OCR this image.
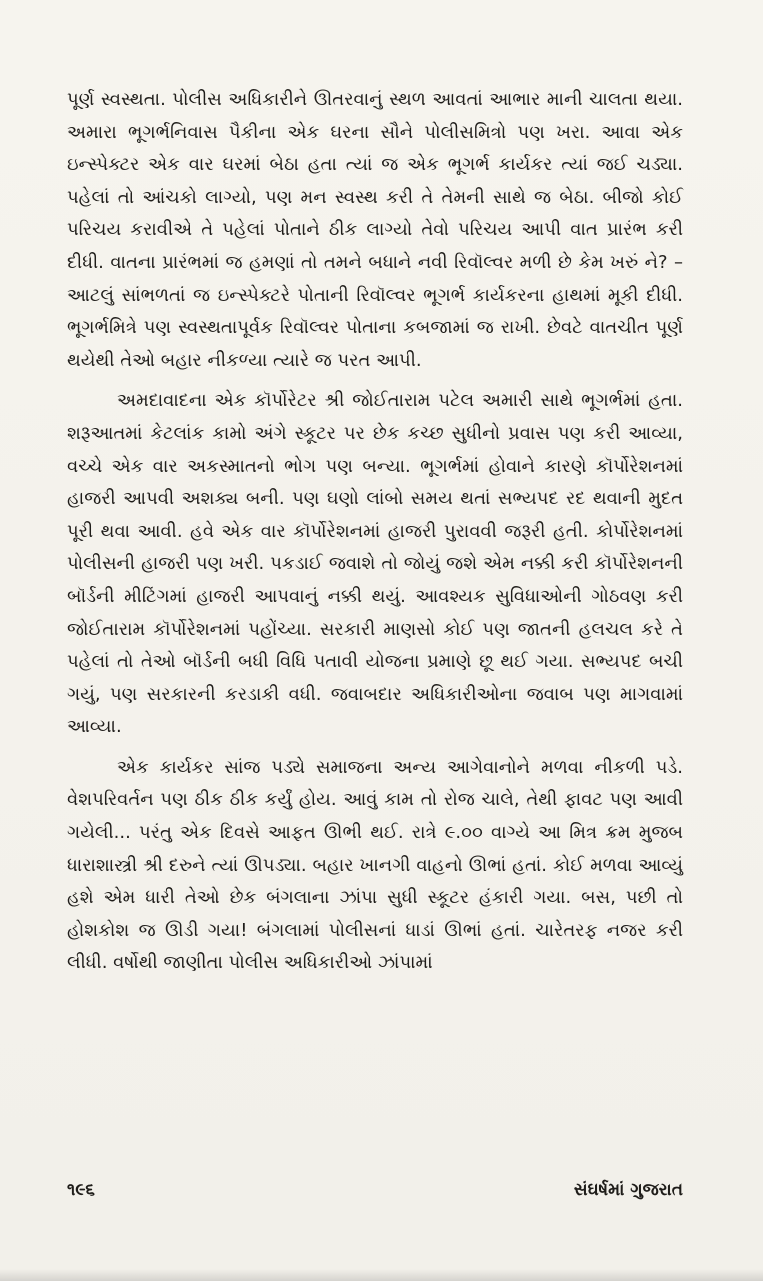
પૂર્ણ સ્વસ્થતા. પોલીસ અધિકારીને ઊતરવાનું સ્થળ આવતાં આભાર માની ચાલતા થયા. અમારા ભૂગર્ભનિવાસ પૈકીના એક ઘરના સૌને પોલીસમિત્રો પણ ખરા. આવા એક ઇન્સ્પેક્ટર એક વાર ઘરમાં બેઠા હતા ત્યાં જ એક ભૂગર્ભ કાર્યકર ત્યાં જઈ ચડ્યા. પહેલાં તો આંચકો લાગ્યો, પણ મન સ્વસ્થ કરી તે તેમની સાથે જ બેઠા. બીજો કોઈ પરિચય કરાવીએ તે પહેલાં પોતાને ઠીક લાગ્યો તેવો પરિચય આપી વાત પ્રારંભ કરી દીધી. વાતના પ્રારંભમાં જ હમણાં તો તમને બધાને નવી રિવૉલ્વર મળી છે કેમ ખરું ને? – આટલું સાંભળતાં જ ઇન્સ્પેક્ટરે પોતાની રિવૉલ્વર ભૂગર્ભ કાર્યકરના હાથમાં મૂકી દીધી. ભૂગર્ભમિત્રે પણ સ્વસ્થતાપૂર્વક રિવૉલ્વર પોતાના કબજામાં જ રાખી. છેવટે વાતચીત પૂર્ણ થયેથી તેઓ બહાર નીકળ્યા ત્યારે જ પરત આપી.

અમદાવાદના એક કૉર્પોરેટર શ્રી જોઈતારામ પટેલ અમારી સાથે ભૂગર્ભમાં હતા. શરૂઆતમાં કેટલાંક કામો અંગે સ્કૂટર પર છેક કચ્છ સુધીનો પ્રવાસ પણ કરી આવ્યા, વચ્ચે એક વાર અકસ્માતનો ભોગ પણ બન્યા. ભૂગર્ભમાં હોવાને કારણે કૉર્પોરેશનમાં હાજરી આપવી અશક્ય બની. પણ ઘણો લાંબો સમય થતાં સભ્યપદ રદ થવાની મુદત પૂરી થવા આવી. હવે એક વાર કૉર્પોરેશનમાં હાજરી પુરાવવી જરૂરી હતી. કોર્પોરેશનમાં પોલીસની હાજરી પણ ખરી. પકડાઈ જવાશે તો જોયું જશે એમ નક્કી કરી કૉર્પોરેશનની બૉર્ડની મીટિંગમાં હાજરી આપવાનું નક્કી થયું. આવશ્યક સુવિધાઓની ગોઠવણ કરી જોઈતારામ કૉર્પોરેશનમાં પહોંચ્યા. સરકારી માણસો કોઈ પણ જાતની હલચલ કરે તે પહેલાં તો તેઓ બૉર્ડની બધી વિધિ પતાવી યોજના પ્રમાણે છૂ થઈ ગયા. સભ્યપદ બચી ગયું, પણ સરકારની કરડાકી વધી. જવાબદાર અધિકારીઓના જવાબ પણ માગવામાં આવ્યા.

એક કાર્યકર સાંજ પડ્યે સમાજના અન્ય આગેવાનોને મળવા નીકળી પડે. વેશપરિવર્તન પણ ઠીક ઠીક કર્યું હોય. આવું કામ તો રોજ ચાલે, તેથી ફાવટ પણ આવી ગયેલી... પરંતુ એક દિવસે આફત ઊભી થઈ. રાત્રે ૯.૦૦ વાગ્યે આ મિત્ર ક્રમ મુજબ ધારાશાસ્ત્રી શ્રી દરુને ત્યાં ઊપડ્યા. બહાર ખાનગી વાહનો ઊભાં હતાં. કોઈ મળવા આવ્યું હશે એમ ધારી તેઓ છેક બંગલાના ઝાંપા સુધી સ્કૂટર હંકારી ગયા. બસ, પછી તો હોશકોશ જ ઊડી ગયા! બંગલામાં પોલીસનાં ધાડાં ઊભાં હતાં. ચારેતરફ નજર કરી લીધી. વર્ષોથી જાણીતા પોલીસ અધિકારીઓ ઝાંપામાં

૧૯૬	સંઘર્ષમાં ગુજરાત
